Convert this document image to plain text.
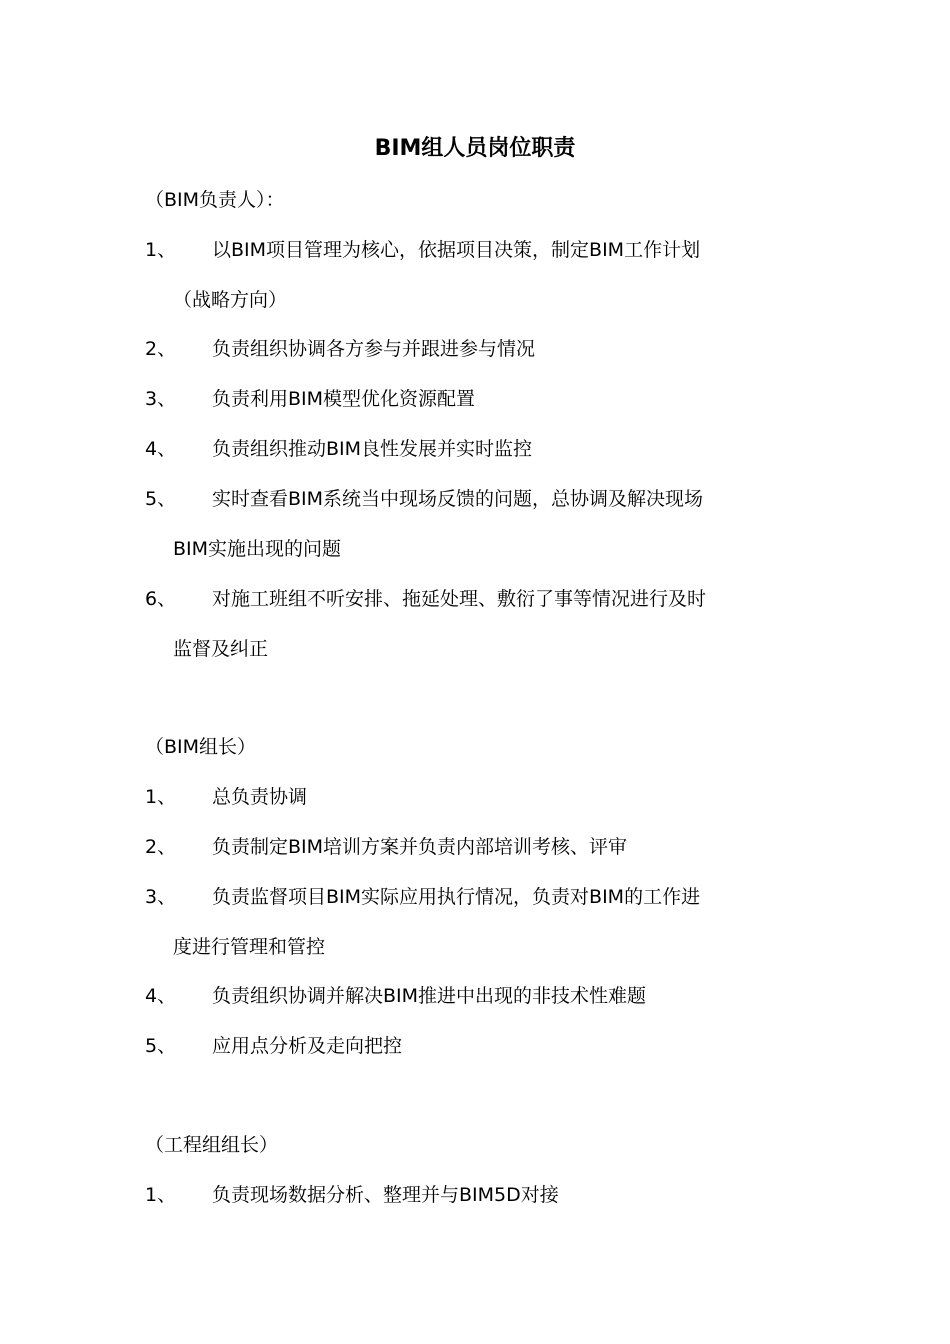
BIM组人员岗位职责
（BIM负责人）：
1、 以BIM项目管理为核心，依据项目决策，制定BIM工作计划
（战略方向）
2、 负责组织协调各方参与并跟进参与情况
3、 负责利用BIM模型优化资源配置
4、 负责组织推动BIM良性发展并实时监控
5、 实时查看BIM系统当中现场反馈的问题，总协调及解决现场
BIM实施出现的问题
6、 对施工班组不听安排、拖延处理、敷衍了事等情况进行及时
监督及纠正
（BIM组长）
1、 总负责协调
2、 负责制定BIM培训方案并负责内部培训考核、评审
3、 负责监督项目BIM实际应用执行情况，负责对BIM的工作进
度进行管理和管控
4、 负责组织协调并解决BIM推进中出现的非技术性难题
5、 应用点分析及走向把控
（工程组组长）
1、 负责现场数据分析、整理并与BIM5D对接
